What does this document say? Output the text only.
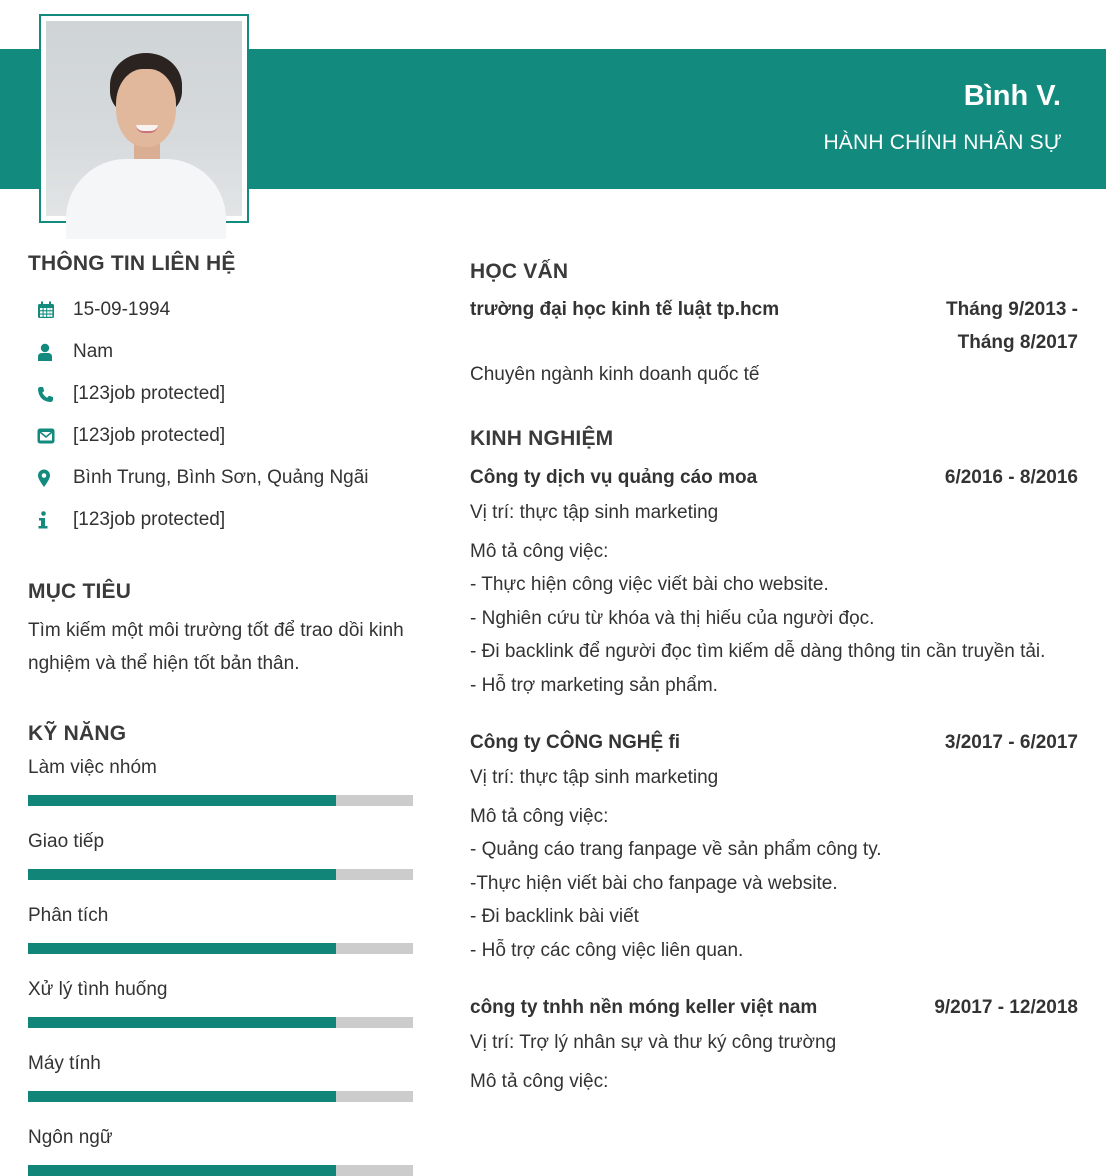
Bình V.
HÀNH CHÍNH NHÂN SỰ
THÔNG TIN LIÊN HỆ
15-09-1994
Nam
[123job protected]
[123job protected]
Bình Trung, Bình Sơn, Quảng Ngãi
[123job protected]
MỤC TIÊU

Tìm kiếm một môi trường tốt để trao dồi kinh nghiệm và thể hiện tốt bản thân.

KỸ NĂNG
Làm việc nhóm
Giao tiếp
Phân tích
Xử lý tình huống
Máy tính
Ngôn ngữ
HỌC VẤN
trường đại học kinh tế luật tp.hcm	Tháng 9/2013 -
Tháng 8/2017
Chuyên ngành kinh doanh quốc tế
KINH NGHIỆM
Công ty dịch vụ quảng cáo moa	6/2016 - 8/2016
Vị trí: thực tập sinh marketing
Mô tả công việc:
- Thực hiện công việc viết bài cho website.
- Nghiên cứu từ khóa và thị hiếu của người đọc.
- Đi backlink để người đọc tìm kiếm dễ dàng thông tin cần truyền tải.
- Hỗ trợ marketing sản phẩm.
Công ty CÔNG NGHỆ fi	3/2017 - 6/2017
Vị trí: thực tập sinh marketing
Mô tả công việc:
- Quảng cáo trang fanpage về sản phẩm công ty.
-Thực hiện viết bài cho fanpage và website.
- Đi backlink bài viết
- Hỗ trợ các công việc liên quan.
công ty tnhh nền móng keller việt nam	9/2017 - 12/2018
Vị trí: Trợ lý nhân sự và thư ký công trường
Mô tả công việc:
